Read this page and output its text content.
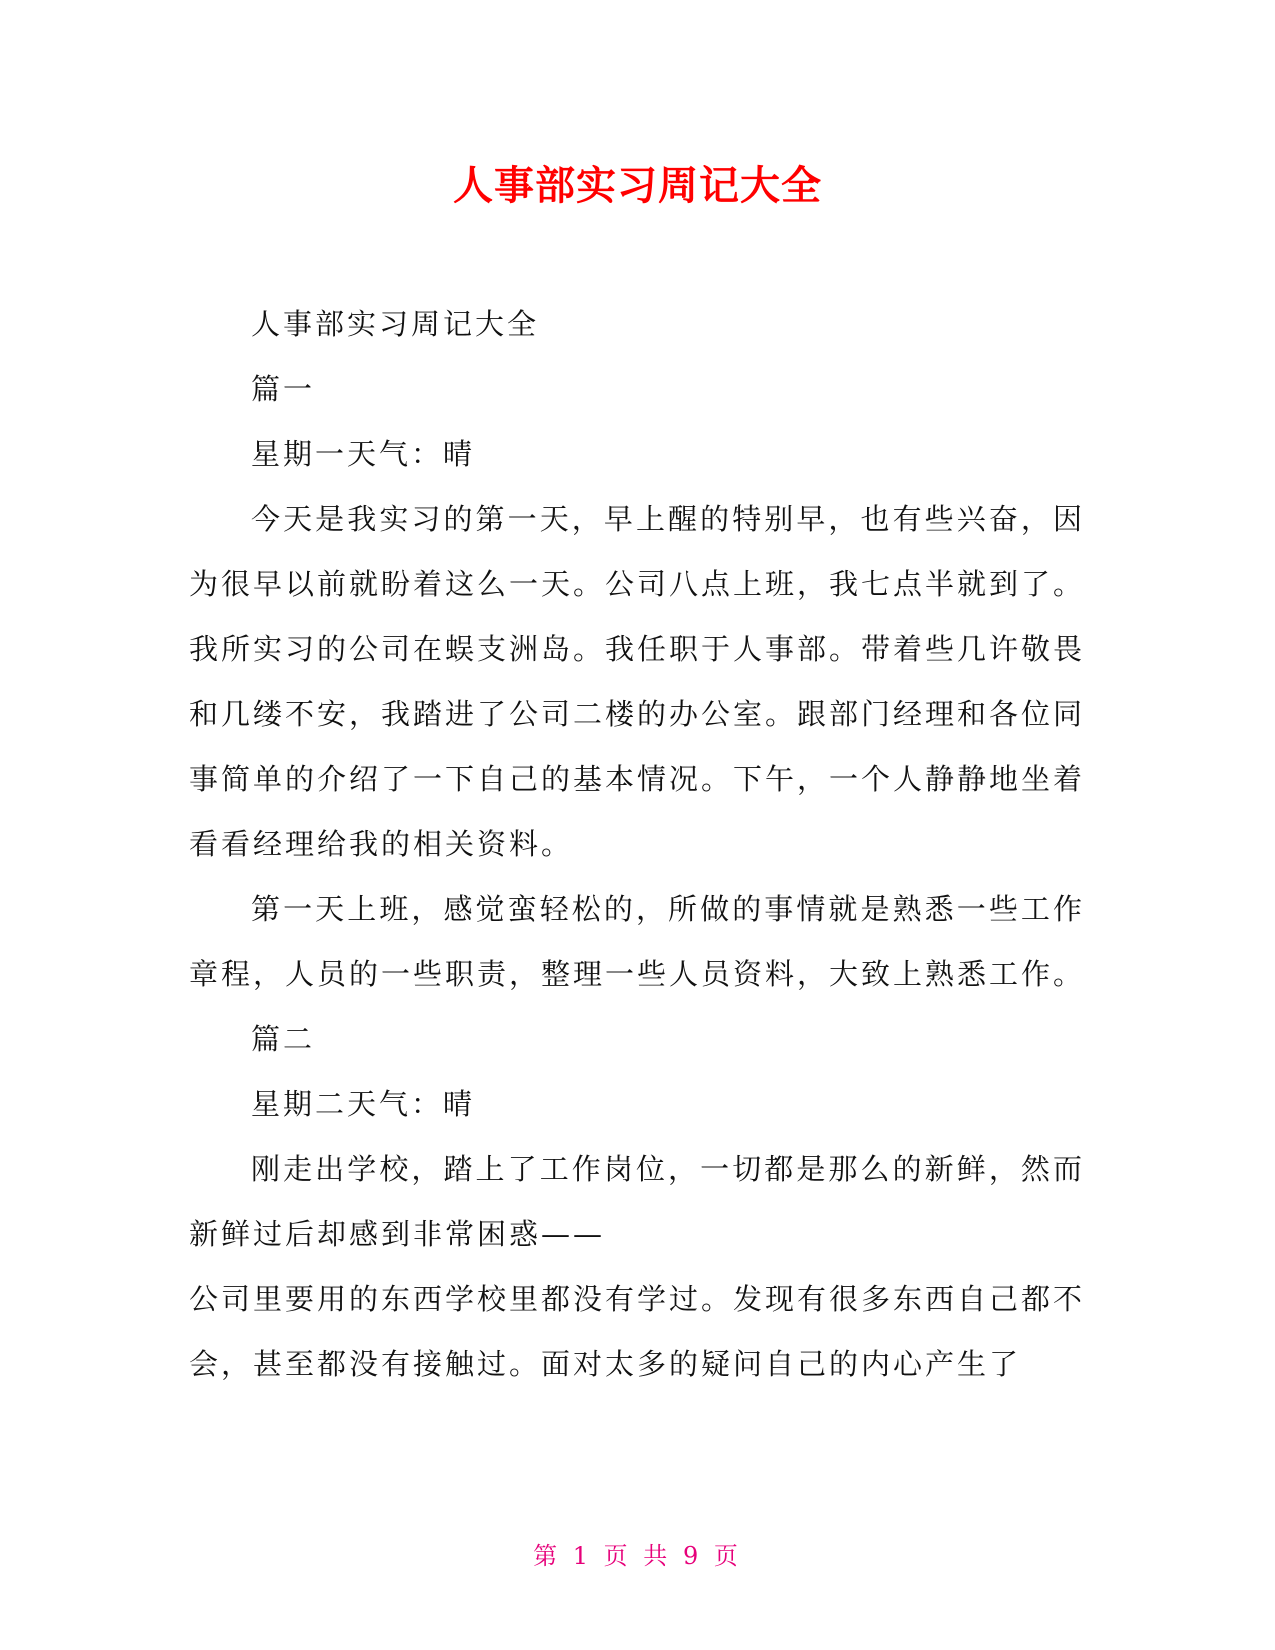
人事部实习周记大全

人事部实习周记大全

篇一

星期一天气：晴

今天是我实习的第一天，早上醒的特别早，也有些兴奋，因为很早以前就盼着这么一天。公司八点上班，我七点半就到了。我所实习的公司在蜈支洲岛。我任职于人事部。带着些几许敬畏和几缕不安，我踏进了公司二楼的办公室。跟部门经理和各位同事简单的介绍了一下自己的基本情况。下午，一个人静静地坐着看看经理给我的相关资料。

第一天上班，感觉蛮轻松的，所做的事情就是熟悉一些工作章程，人员的一些职责，整理一些人员资料，大致上熟悉工作。

篇二

星期二天气：晴

刚走出学校，踏上了工作岗位，一切都是那么的新鲜，然而新鲜过后却感到非常困惑——

公司里要用的东西学校里都没有学过。发现有很多东西自己都不会，甚至都没有接触过。面对太多的疑问自己的内心产生了

第 1 页 共 9 页
